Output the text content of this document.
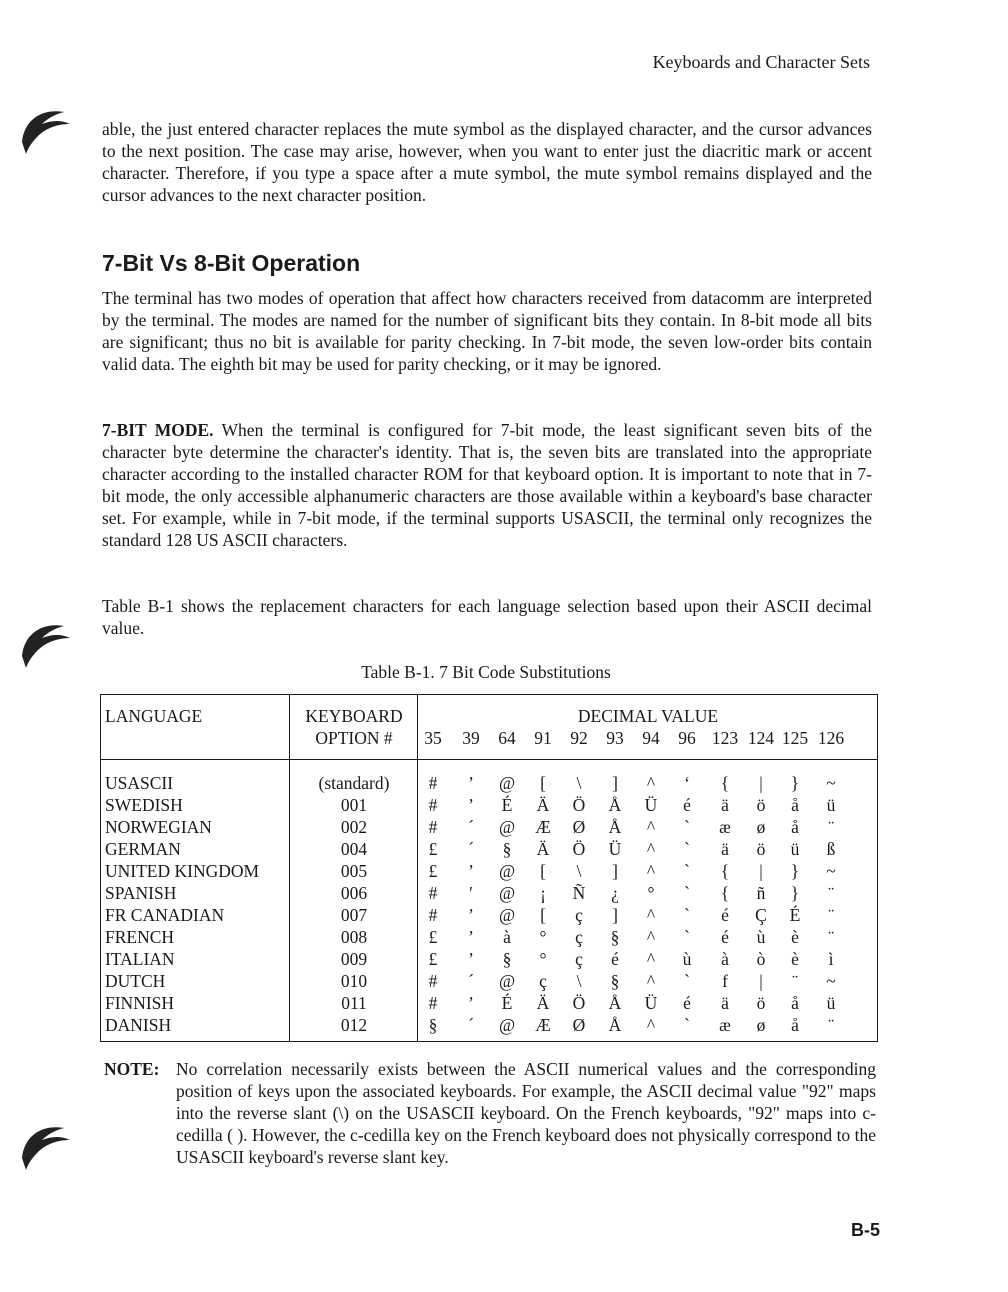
Keyboards and Character Sets

able, the just entered character replaces the mute symbol as the displayed character, and the cursor advances to the next position. The case may arise, however, when you want to enter just the diacritic mark or accent character. Therefore, if you type a space after a mute symbol, the mute symbol remains displayed and the cursor advances to the next character position.

7-Bit Vs 8-Bit Operation

The terminal has two modes of operation that affect how characters received from datacomm are interpreted by the terminal. The modes are named for the number of significant bits they contain. In 8-bit mode all bits are significant; thus no bit is available for parity checking. In 7-bit mode, the seven low-order bits contain valid data. The eighth bit may be used for parity checking, or it may be ignored.

7-BIT MODE. When the terminal is configured for 7-bit mode, the least significant seven bits of the character byte determine the character's identity. That is, the seven bits are translated into the appropriate character according to the installed character ROM for that keyboard option. It is important to note that in 7-bit mode, the only accessible alphanumeric characters are those available within a keyboard's base character set. For example, while in 7-bit mode, if the terminal supports USASCII, the terminal only recognizes the standard 128 US ASCII characters.

Table B-1 shows the replacement characters for each language selection based upon their ASCII decimal value.

Table B-1. 7 Bit Code Substitutions
LANGUAGE	KEYBOARD
OPTION #
DECIMAL VALUE
35 39 64 91 92 93 94 96 123 124 125 126
USASCII	(standard)	# ’ @ [ \ ] ^ ‘ { | } ~
SWEDISH	001	# ’ É Ä Ö Å Ü é ä ö å ü
NORWEGIAN	002	# ´ @ Æ Ø Å ^ ` æ ø å ¨
GERMAN	004	£ ´ § Ä Ö Ü ^ ` ä ö ü ß
UNITED KINGDOM	005	£ ’ @ [ \ ] ^ ` { | } ~
SPANISH	006	# ′ @ ¡ Ñ ¿ ° ` { ñ } ¨
FR CANADIAN	007	# ’ @ [ ç ] ^ ` é Ç É ¨
FRENCH	008	£ ’ à ° ç § ^ ` é ù è ¨
ITALIAN	009	£ ’ § ° ç é ^ ù à ò è ì
DUTCH	010	# ´ @ ç \ § ^ ` f | ¨ ~
FINNISH	011	# ’ É Ä Ö Å Ü é ä ö å ü
DANISH	012	§ ´ @ Æ Ø Å ^ ` æ ø å ¨
NOTE: No correlation necessarily exists between the ASCII numerical values and the corresponding position of keys upon the associated keyboards. For example, the ASCII decimal value "92" maps into the reverse slant (\) on the USASCII keyboard. On the French keyboards, "92" maps into c-cedilla ( ). However, the c-cedilla key on the French keyboard does not physically correspond to the USASCII keyboard's reverse slant key.

B-5
